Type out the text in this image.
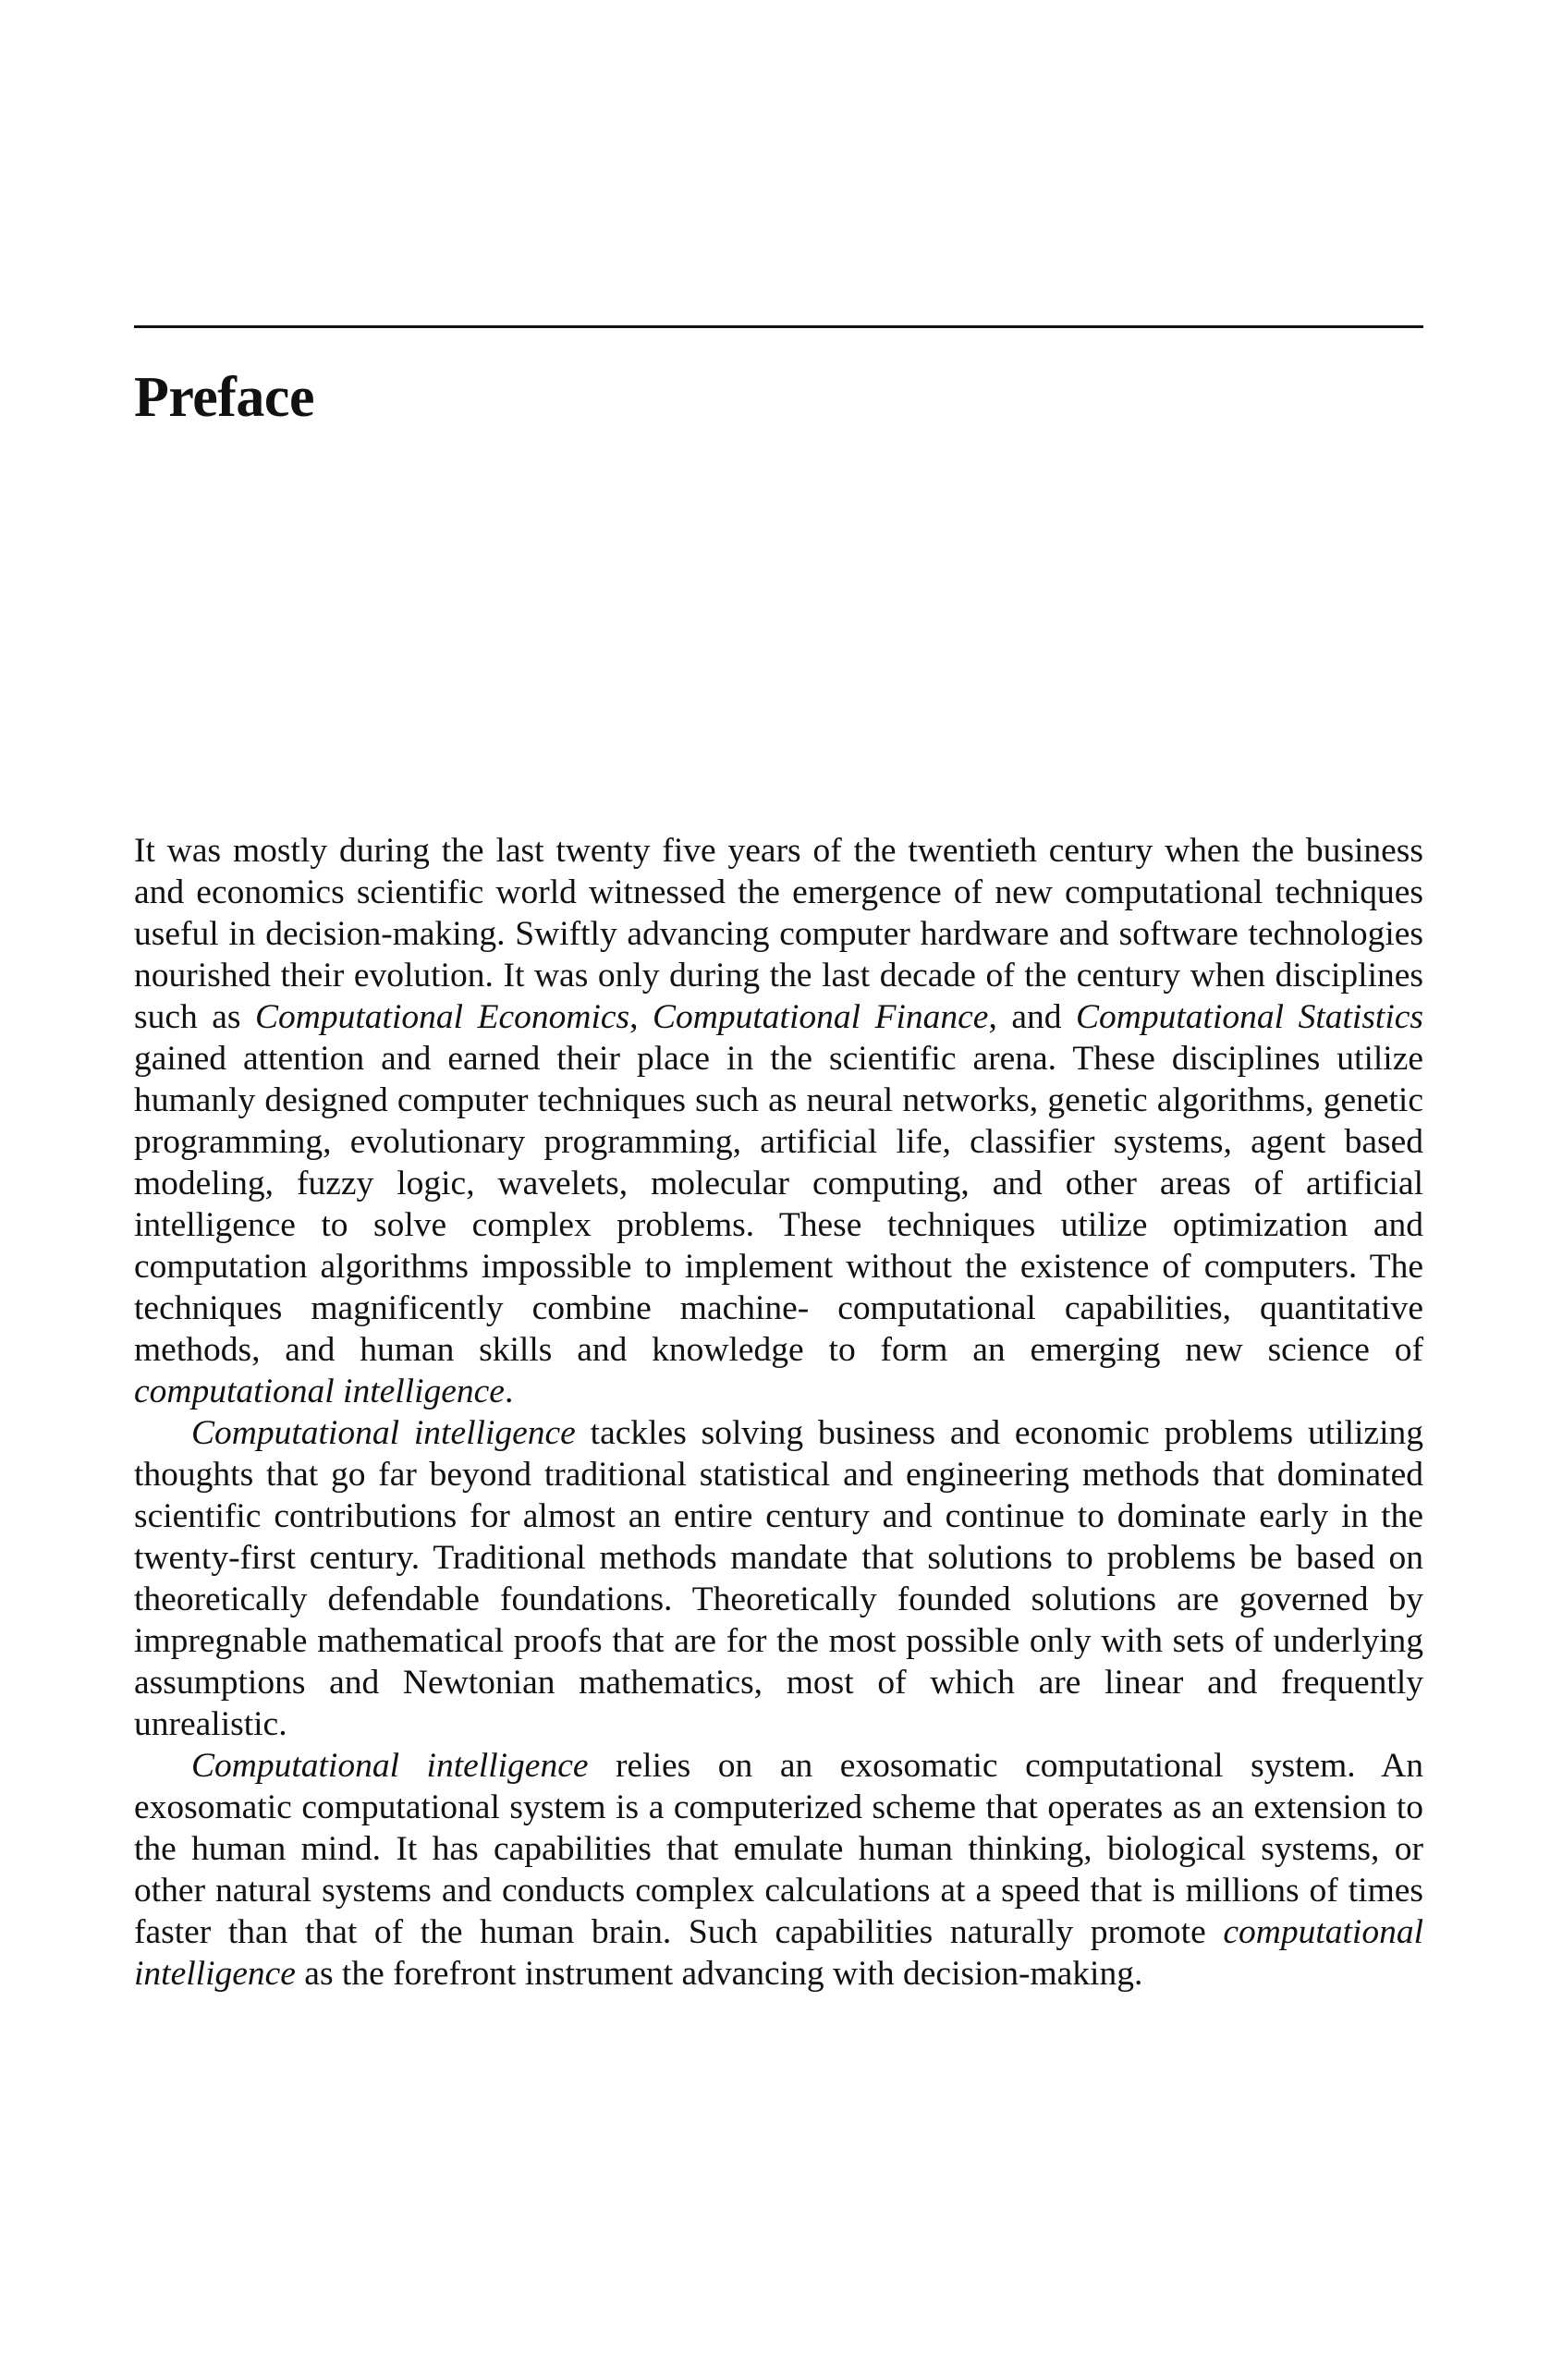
Preface

It was mostly during the last twenty five years of the twentieth century when the business and economics scientific world witnessed the emergence of new computational techniques useful in decision-making. Swiftly advancing computer hardware and software technologies nourished their evolution. It was only during the last decade of the century when disciplines such as Computational Economics, Computational Finance, and Computational Statistics gained attention and earned their place in the scientific arena. These disciplines utilize humanly designed computer techniques such as neural networks, genetic algorithms, genetic programming, evolutionary programming, artificial life, classifier systems, agent based modeling, fuzzy logic, wavelets, molecular computing, and other areas of artificial intelligence to solve complex problems. These techniques utilize optimization and computation algorithms impossible to implement without the existence of computers. The techniques magnificently combine machine- computational capabilities, quantitative methods, and human skills and knowledge to form an emerging new science of computational intelligence.

Computational intelligence tackles solving business and economic problems utilizing thoughts that go far beyond traditional statistical and engineering methods that dominated scientific contributions for almost an entire century and continue to dominate early in the twenty-first century. Traditional methods mandate that solutions to problems be based on theoretically defendable foundations. Theoretically founded solutions are governed by impregnable mathematical proofs that are for the most possible only with sets of underlying assumptions and Newtonian mathematics, most of which are linear and frequently unrealistic.

Computational intelligence relies on an exosomatic computational system. An exosomatic computational system is a computerized scheme that operates as an extension to the human mind. It has capabilities that emulate human thinking, biological systems, or other natural systems and conducts complex calculations at a speed that is millions of times faster than that of the human brain. Such capabilities naturally promote computational intelligence as the forefront instrument advancing with decision-making.
